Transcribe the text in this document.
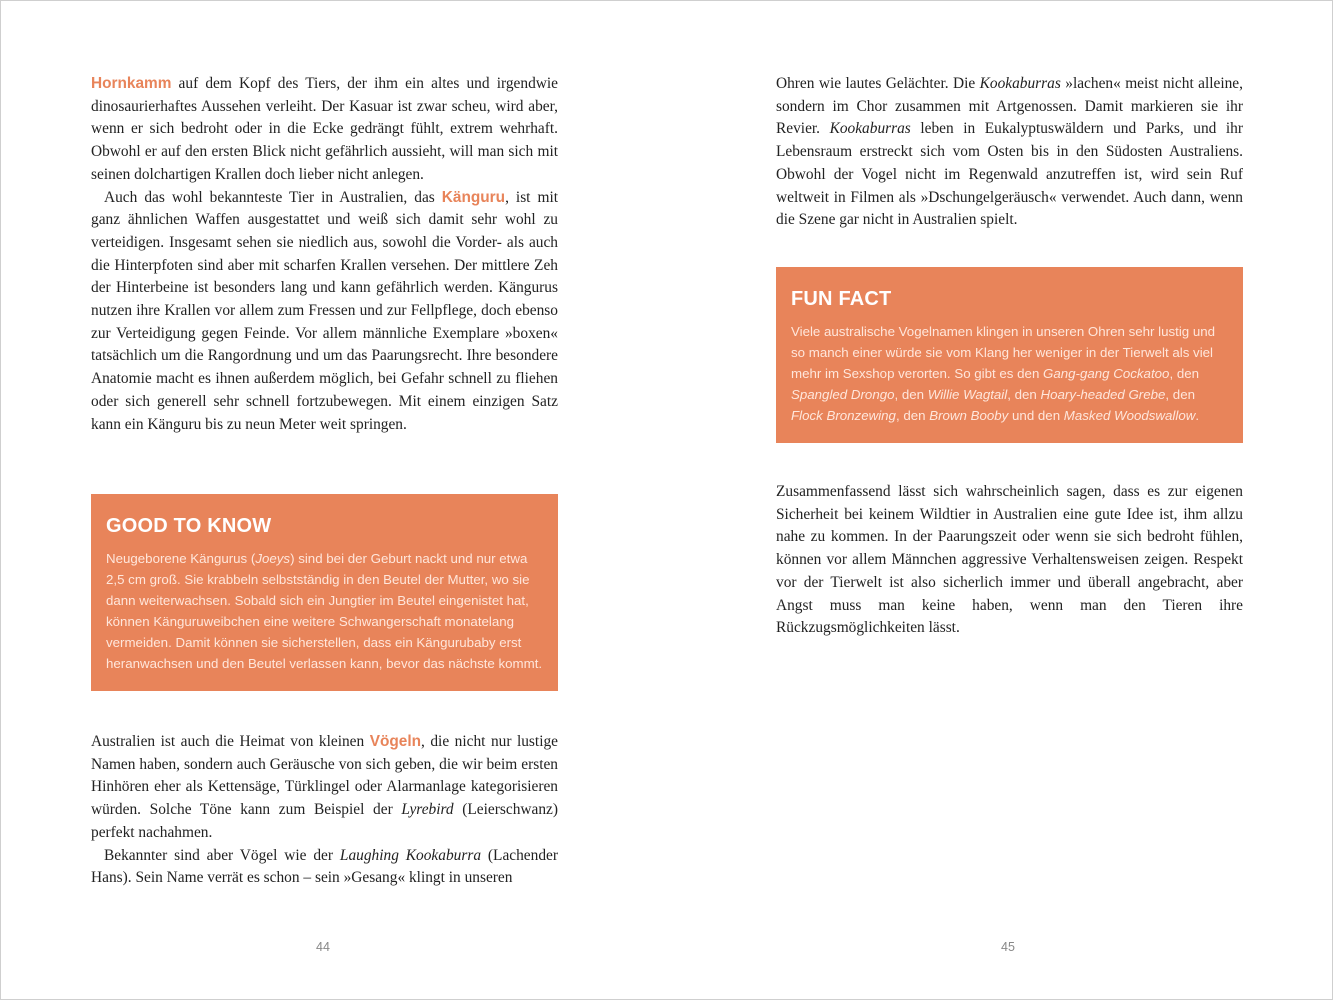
Hornkamm auf dem Kopf des Tiers, der ihm ein altes und irgendwie dinosaurierhaftes Aussehen verleiht. Der Kasuar ist zwar scheu, wird aber, wenn er sich bedroht oder in die Ecke gedrängt fühlt, extrem wehrhaft. Obwohl er auf den ersten Blick nicht gefährlich aussieht, will man sich mit seinen dolchartigen Krallen doch lieber nicht anlegen.

Auch das wohl bekannteste Tier in Australien, das Känguru, ist mit ganz ähnlichen Waffen ausgestattet und weiß sich damit sehr wohl zu verteidigen. Insgesamt sehen sie niedlich aus, sowohl die Vorder- als auch die Hinterpfoten sind aber mit scharfen Krallen versehen. Der mittlere Zeh der Hinterbeine ist besonders lang und kann gefährlich werden. Kängurus nutzen ihre Krallen vor allem zum Fressen und zur Fellpflege, doch ebenso zur Verteidigung gegen Feinde. Vor allem männliche Exemplare »boxen« tatsächlich um die Rangordnung und um das Paarungsrecht. Ihre besondere Anatomie macht es ihnen außerdem möglich, bei Gefahr schnell zu fliehen oder sich generell sehr schnell fortzubewegen. Mit einem einzigen Satz kann ein Känguru bis zu neun Meter weit springen.

GOOD TO KNOW

Neugeborene Kängurus (Joeys) sind bei der Geburt nackt und nur etwa 2,5 cm groß. Sie krabbeln selbstständig in den Beutel der Mutter, wo sie dann weiterwachsen. Sobald sich ein Jungtier im Beutel eingenistet hat, können Känguruweibchen eine weitere Schwangerschaft monatelang vermeiden. Damit können sie sicherstellen, dass ein Kängurubaby erst heranwachsen und den Beutel verlassen kann, bevor das nächste kommt.

Australien ist auch die Heimat von kleinen Vögeln, die nicht nur lustige Namen haben, sondern auch Geräusche von sich geben, die wir beim ersten Hinhören eher als Kettensäge, Türklingel oder Alarmanlage kategorisieren würden. Solche Töne kann zum Beispiel der Lyrebird (Leierschwanz) perfekt nachahmen.

Bekannter sind aber Vögel wie der Laughing Kookaburra (Lachender Hans). Sein Name verrät es schon – sein »Gesang« klingt in unseren

44

Ohren wie lautes Gelächter. Die Kookaburras »lachen« meist nicht alleine, sondern im Chor zusammen mit Artgenossen. Damit markieren sie ihr Revier. Kookaburras leben in Eukalyptuswäldern und Parks, und ihr Lebensraum erstreckt sich vom Osten bis in den Südosten Australiens. Obwohl der Vogel nicht im Regenwald anzutreffen ist, wird sein Ruf weltweit in Filmen als »Dschungelgeräusch« verwendet. Auch dann, wenn die Szene gar nicht in Australien spielt.

FUN FACT

Viele australische Vogelnamen klingen in unseren Ohren sehr lustig und so manch einer würde sie vom Klang her weniger in der Tierwelt als viel mehr im Sexshop verorten. So gibt es den Gang-gang Cockatoo, den Spangled Drongo, den Willie Wagtail, den Hoary-headed Grebe, den Flock Bronzewing, den Brown Booby und den Masked Woodswallow.

Zusammenfassend lässt sich wahrscheinlich sagen, dass es zur eigenen Sicherheit bei keinem Wildtier in Australien eine gute Idee ist, ihm allzu nahe zu kommen. In der Paarungszeit oder wenn sie sich bedroht fühlen, können vor allem Männchen aggressive Verhaltensweisen zeigen. Respekt vor der Tierwelt ist also sicherlich immer und überall angebracht, aber Angst muss man keine haben, wenn man den Tieren ihre Rückzugsmöglichkeiten lässt.

45
